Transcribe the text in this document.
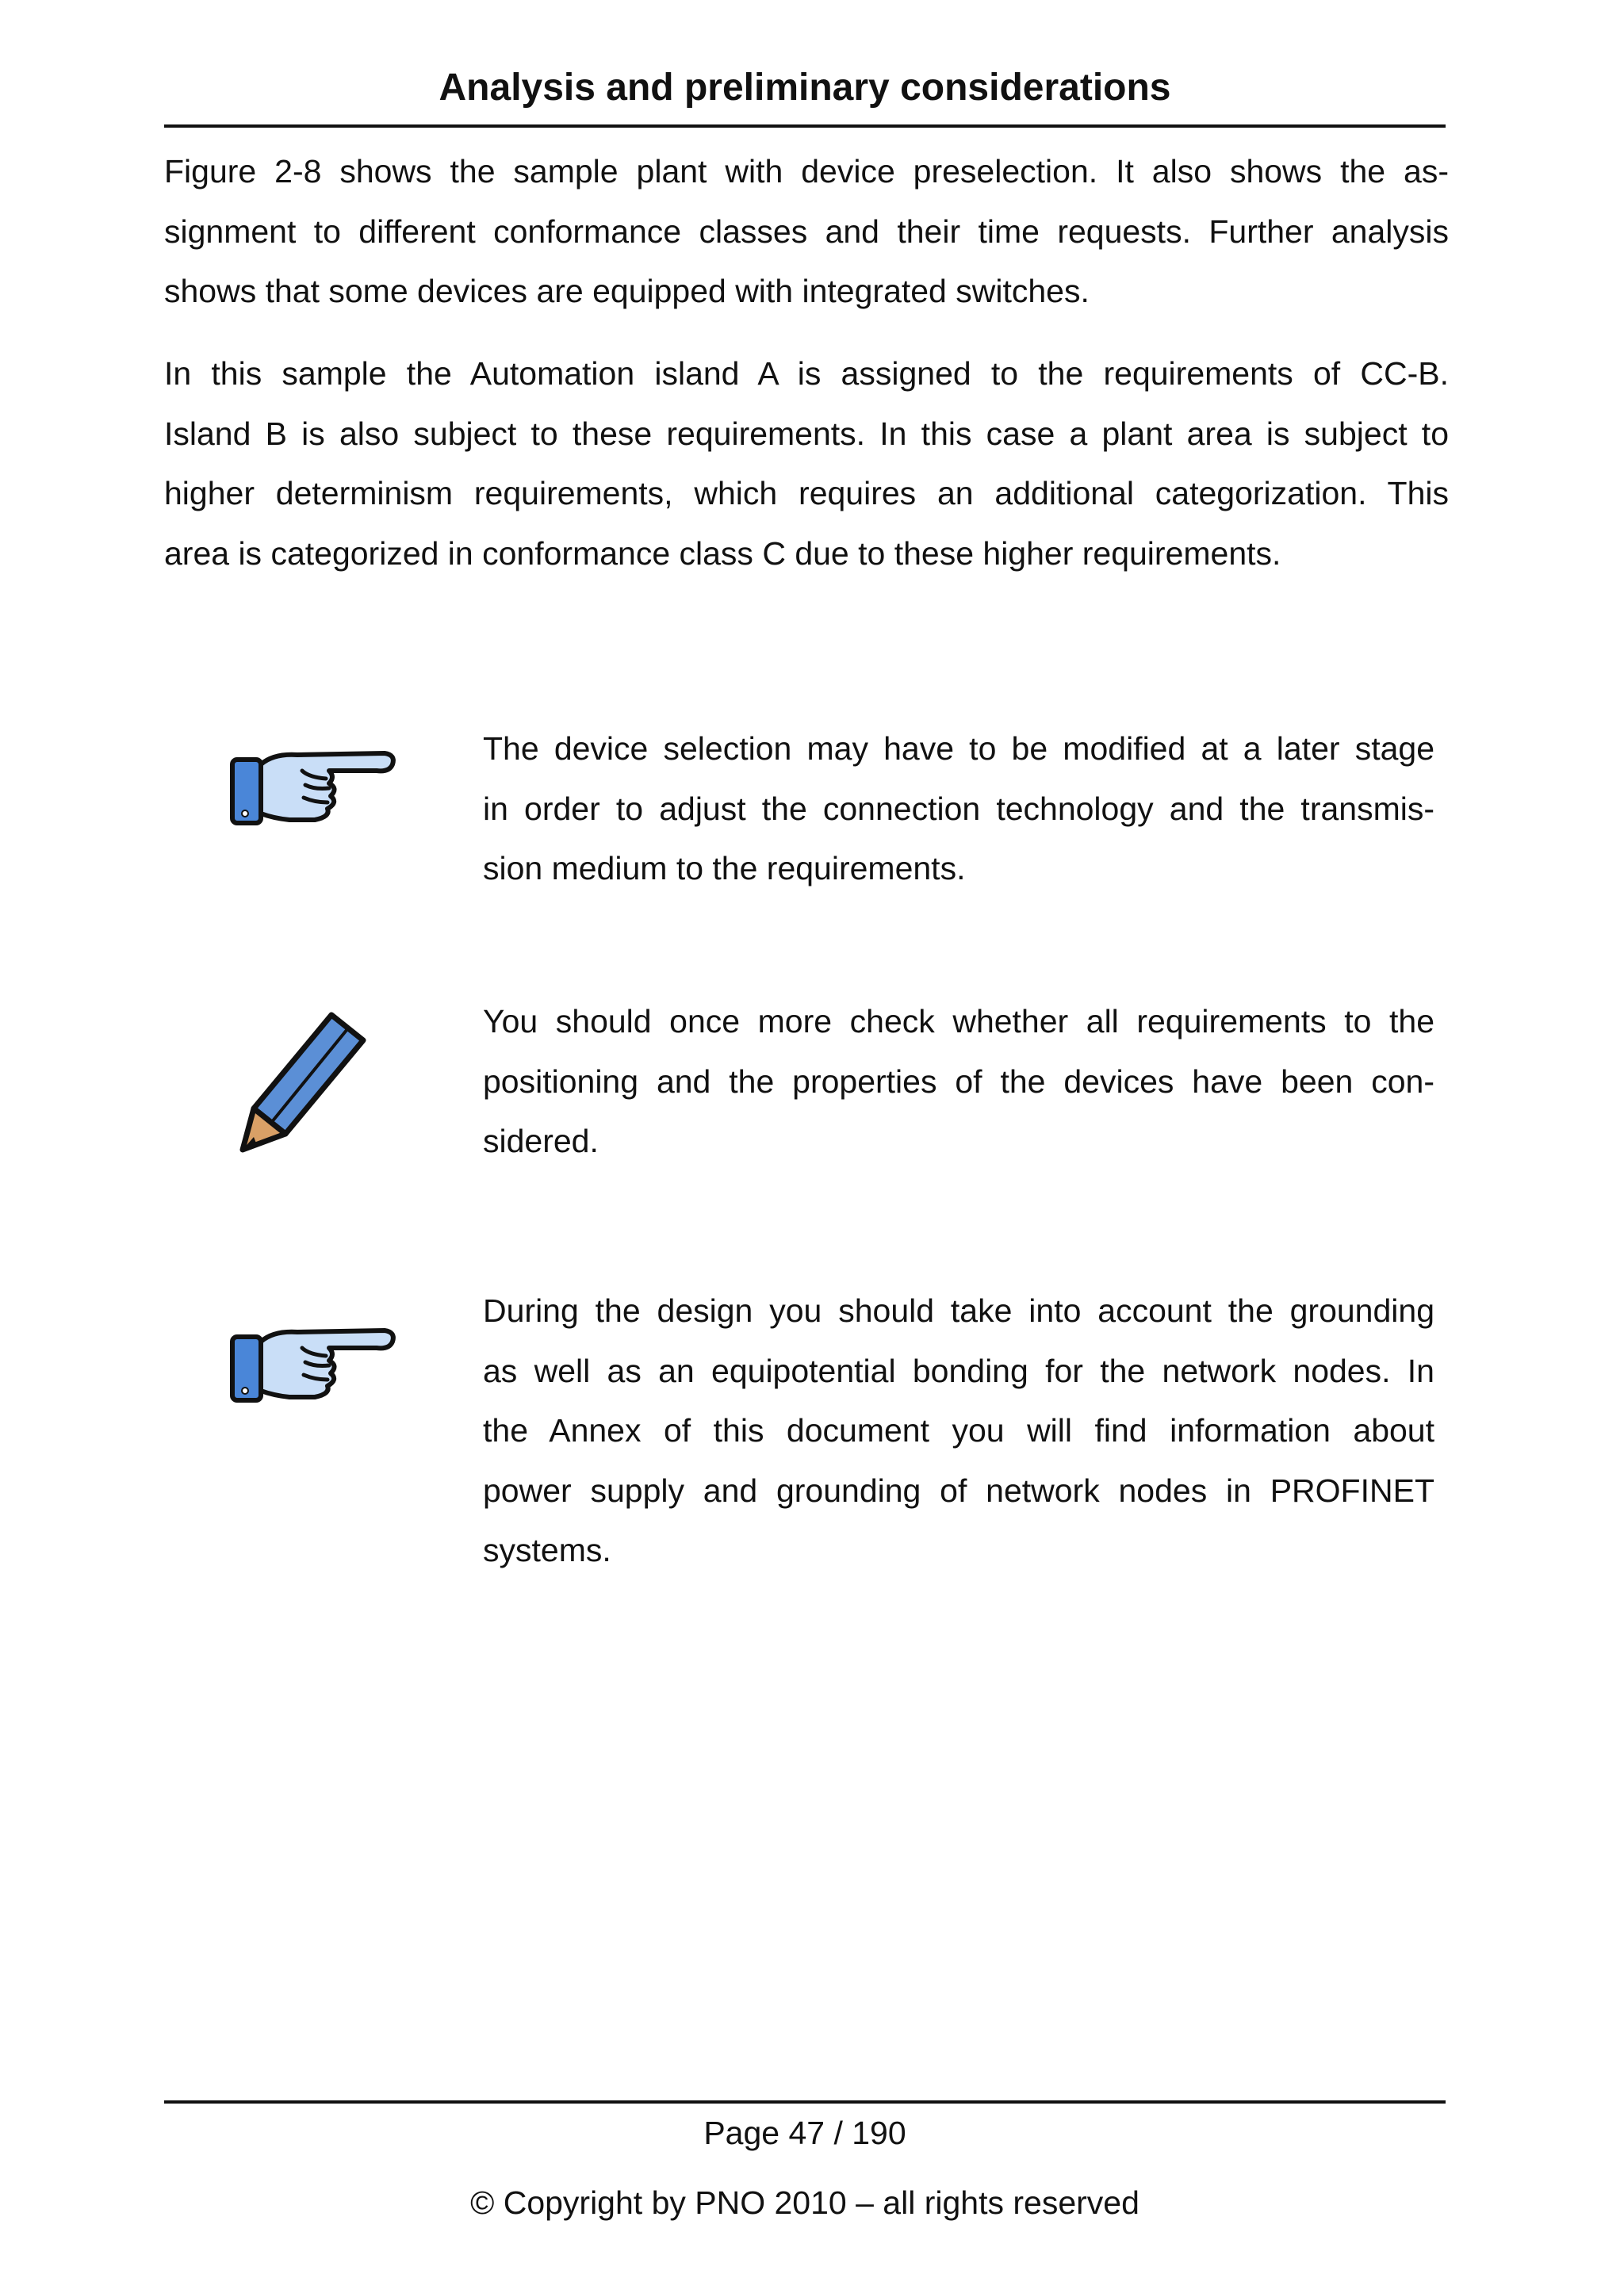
Analysis and preliminary considerations

Figure 2-8 shows the sample plant with device preselection. It also shows the as-
signment to different conformance classes and their time requests. Further analysis
shows that some devices are equipped with integrated switches.

In this sample the Automation island A is assigned to the requirements of CC-B.
Island B is also subject to these requirements. In this case a plant area is subject to
higher determinism requirements, which requires an additional categorization. This
area is categorized in conformance class C due to these higher requirements.

The device selection may have to be modified at a later stage
in order to adjust the connection technology and the transmis-
sion medium to the requirements.

You should once more check whether all requirements to the
positioning and the properties of the devices have been con-
sidered.

During the design you should take into account the grounding
as well as an equipotential bonding for the network nodes. In
the Annex of this document you will find information about
power supply and grounding of network nodes in PROFINET
systems.

Page 47 / 190
© Copyright by PNO 2010 – all rights reserved
